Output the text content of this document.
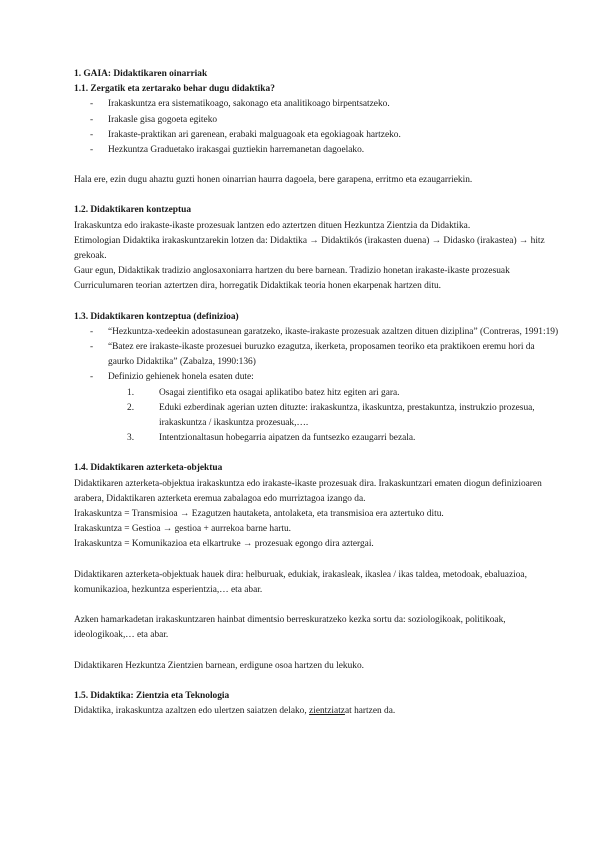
1. GAIA: Didaktikaren oinarriak

1.1. Zergatik eta zertarako behar dugu didaktika?

- Irakaskuntza era sistematikoago, sakonago eta analitikoago birpentsatzeko.
- Irakasle gisa gogoeta egiteko
- Irakaste-praktikan ari garenean, erabaki malguagoak eta egokiagoak hartzeko.
- Hezkuntza Graduetako irakasgai guztiekin harremanetan dagoelako.

Hala ere, ezin dugu ahaztu guzti honen oinarrian haurra dagoela, bere garapena, erritmo eta ezaugarriekin.

1.2. Didaktikaren kontzeptua

Irakaskuntza edo irakaste-ikaste prozesuak lantzen edo aztertzen dituen Hezkuntza Zientzia da Didaktika.

Etimologian Didaktika irakaskuntzarekin lotzen da: Didaktika → Didaktikós (irakasten duena) → Didasko (irakastea) → hitz grekoak.

Gaur egun, Didaktikak tradizio anglosaxoniarra hartzen du bere barnean. Tradizio honetan irakaste-ikaste prozesuak Curriculumaren teorian aztertzen dira, horregatik Didaktikak teoria honen ekarpenak hartzen ditu.

1.3. Didaktikaren kontzeptua (definizioa)

- “Hezkuntza-xedeekin adostasunean garatzeko, ikaste-irakaste prozesuak azaltzen dituen diziplina” (Contreras, 1991:19)
- “Batez ere irakaste-ikaste prozesuei buruzko ezagutza, ikerketa, proposamen teoriko eta praktikoen eremu hori da gaurko Didaktika” (Zabalza, 1990:136)
- Definizio gehienek honela esaten dute:
1.	Osagai zientifiko eta osagai aplikatibo batez hitz egiten ari gara.
2.	Eduki ezberdinak agerian uzten dituzte: irakaskuntza, ikaskuntza, prestakuntza, instrukzio prozesua, irakaskuntza / ikaskuntza prozesuak,….
3.	Intentzionaltasun hobegarria aipatzen da funtsezko ezaugarri bezala.

1.4. Didaktikaren azterketa-objektua

Didaktikaren azterketa-objektua irakaskuntza edo irakaste-ikaste prozesuak dira. Irakaskuntzari ematen diogun definizioaren arabera, Didaktikaren azterketa eremua zabalagoa edo murriztagoa izango da.

Irakaskuntza = Transmisioa → Ezagutzen hautaketa, antolaketa, eta transmisioa era aztertuko ditu.

Irakaskuntza = Gestioa → gestioa + aurrekoa barne hartu.

Irakaskuntza = Komunikazioa eta elkartruke → prozesuak egongo dira aztergai.

Didaktikaren azterketa-objektuak hauek dira: helburuak, edukiak, irakasleak, ikaslea / ikas taldea, metodoak, ebaluazioa, komunikazioa, hezkuntza esperientzia,… eta abar.

Azken hamarkadetan irakaskuntzaren hainbat dimentsio berreskuratzeko kezka sortu da: soziologikoak, politikoak, ideologikoak,… eta abar.

Didaktikaren Hezkuntza Zientzien barnean, erdigune osoa hartzen du lekuko.

1.5. Didaktika: Zientzia eta Teknologia

Didaktika, irakaskuntza azaltzen edo ulertzen saiatzen delako, zientziatzat hartzen da.
